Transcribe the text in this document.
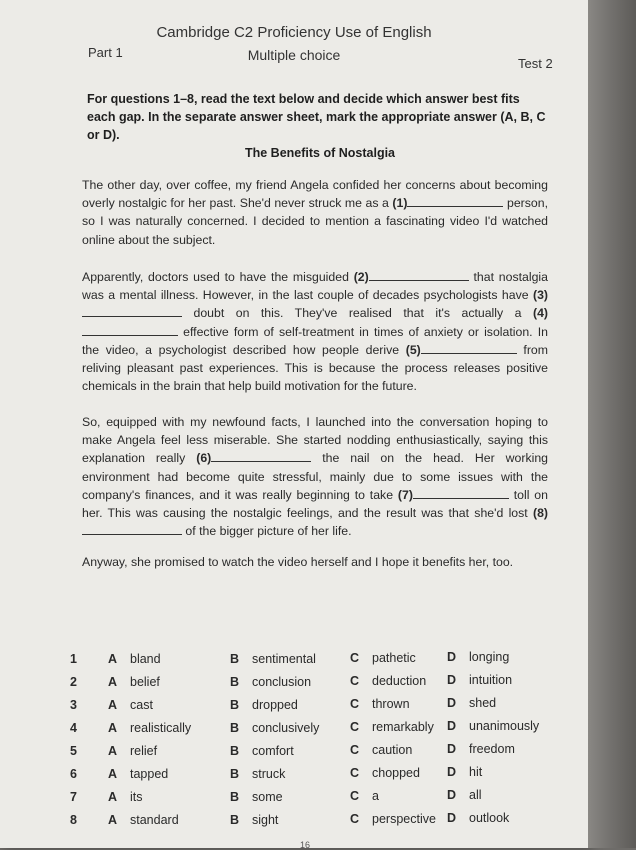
Cambridge C2 Proficiency Use of English
Part 1	Multiple choice
Test 2
For questions 1–8, read the text below and decide which answer best fits each gap. In the separate answer sheet, mark the appropriate answer (A, B, C or D).
The Benefits of Nostalgia
The other day, over coffee, my friend Angela confided her concerns about becoming overly nostalgic for her past. She'd never struck me as a (1)	person, so I was naturally concerned. I decided to mention a fascinating video I'd watched online about the subject.
Apparently, doctors used to have the misguided (2)	that nostalgia was a mental illness. However, in the last couple of decades psychologists have (3) doubt on this. They've realised that it's actually a (4) effective form of self-treatment in times of anxiety or isolation. In the video, a psychologist described how people derive (5)	from reliving pleasant past experiences. This is because the process releases positive chemicals in the brain that help build motivation for the future.
So, equipped with my newfound facts, I launched into the conversation hoping to make Angela feel less miserable. She started nodding enthusiastically, saying this explanation really (6)	the nail on the head. Her working environment had become quite stressful, mainly due to some issues with the company's finances, and it was really beginning to take (7)	toll on her. This was causing the nostalgic feelings, and the result was that she'd lost (8) of the bigger picture of her life.
Anyway, she promised to watch the video herself and I hope it benefits her, too.
1 A bland	B sentimental	C pathetic D longing
2 A belief	B conclusion	C deduction D intuition
3 A cast	B dropped	C thrown	D shed
4 A realistically	B conclusively C remarkably D unanimously
5 A relief	B comfort	C caution	D freedom
6 A tapped	B struck	C chopped D hit
7 A its	B some	C a	D all
8 A standard	B sight	C perspective D outlook
16
